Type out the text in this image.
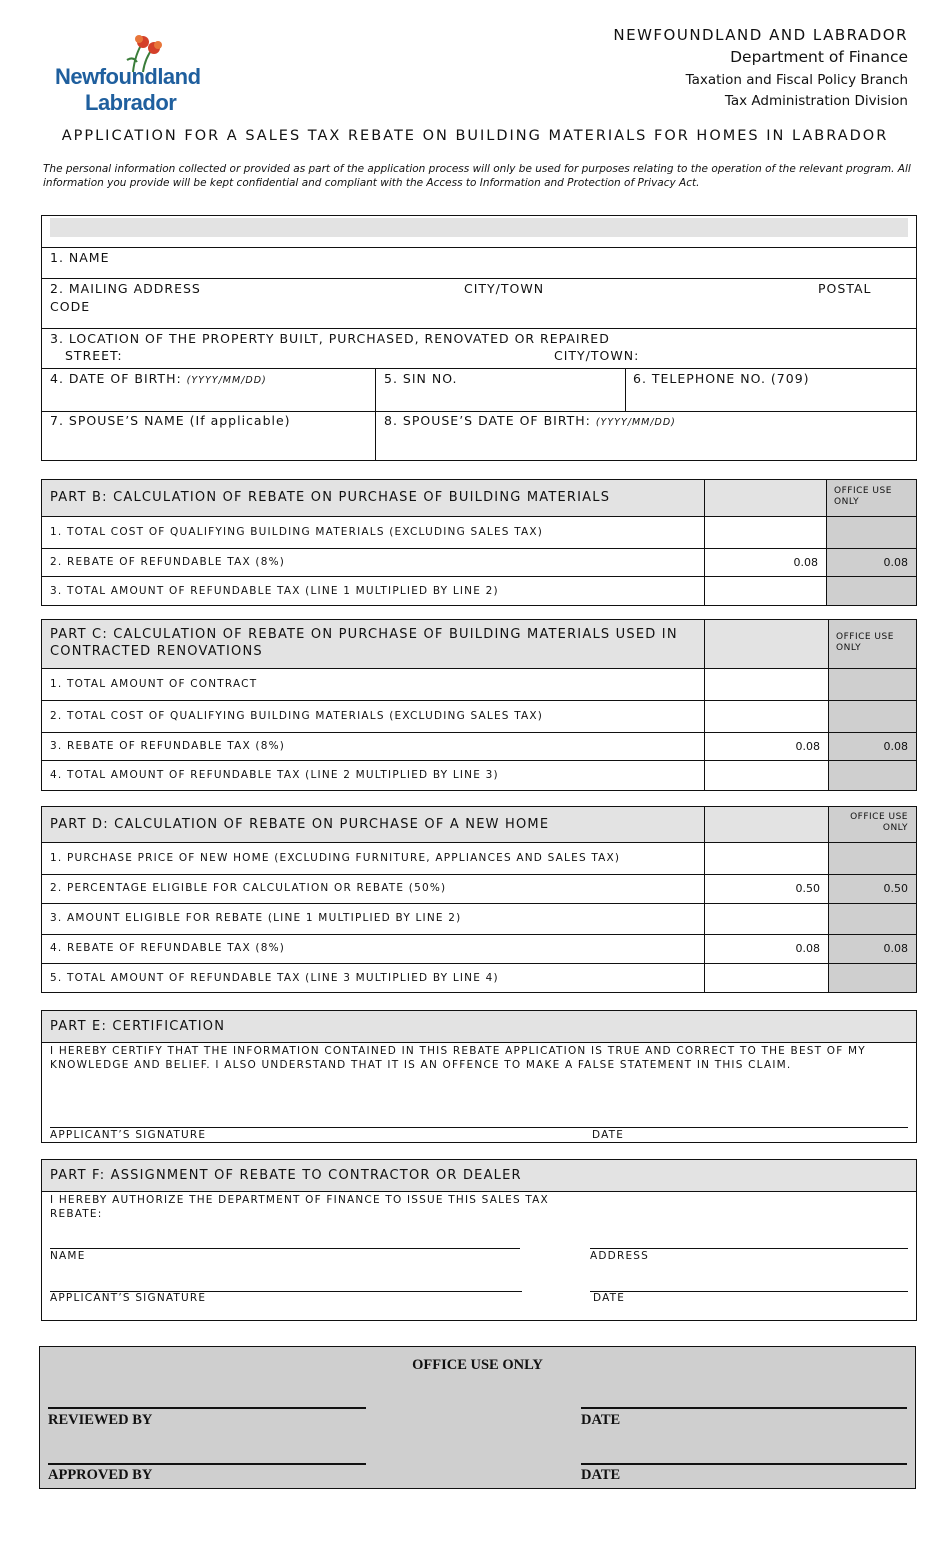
Newfoundland
Labrador
NEWFOUNDLAND AND LABRADOR
Department of Finance
Taxation and Fiscal Policy Branch
Tax Administration Division
APPLICATION FOR A SALES TAX REBATE ON BUILDING MATERIALS FOR HOMES IN LABRADOR
The personal information collected or provided as part of the application process will only be used for purposes relating to the operation of the relevant program. All information you provide will be kept confidential and compliant with the Access to Information and Protection of Privacy Act.
1. NAME
2. MAILING ADDRESS	CITY/TOWN	POSTAL
CODE
3. LOCATION OF THE PROPERTY BUILT, PURCHASED, RENOVATED OR REPAIRED
STREET:	CITY/TOWN:
4. DATE OF BIRTH: (YYYY/MM/DD)	5. SIN NO.	6. TELEPHONE NO. (709)
7. SPOUSE’S NAME (If applicable)	8. SPOUSE’S DATE OF BIRTH: (YYYY/MM/DD)
PART B: CALCULATION OF REBATE ON PURCHASE OF BUILDING MATERIALS	OFFICE USE
ONLY
1. TOTAL COST OF QUALIFYING BUILDING MATERIALS (EXCLUDING SALES TAX)
2. REBATE OF REFUNDABLE TAX (8%)	0.08	0.08
3. TOTAL AMOUNT OF REFUNDABLE TAX (LINE 1 MULTIPLIED BY LINE 2)
PART C: CALCULATION OF REBATE ON PURCHASE OF BUILDING MATERIALS USED IN
CONTRACTED RENOVATIONS
OFFICE USE
ONLY
1. TOTAL AMOUNT OF CONTRACT
2. TOTAL COST OF QUALIFYING BUILDING MATERIALS (EXCLUDING SALES TAX)
3. REBATE OF REFUNDABLE TAX (8%)	0.08	0.08
4. TOTAL AMOUNT OF REFUNDABLE TAX (LINE 2 MULTIPLIED BY LINE 3)
PART D: CALCULATION OF REBATE ON PURCHASE OF A NEW HOME	OFFICE USE
ONLY
1. PURCHASE PRICE OF NEW HOME (EXCLUDING FURNITURE, APPLIANCES AND SALES TAX)
2. PERCENTAGE ELIGIBLE FOR CALCULATION OR REBATE (50%)	0.50	0.50
3. AMOUNT ELIGIBLE FOR REBATE (LINE 1 MULTIPLIED BY LINE 2)
4. REBATE OF REFUNDABLE TAX (8%)	0.08	0.08
5. TOTAL AMOUNT OF REFUNDABLE TAX (LINE 3 MULTIPLIED BY LINE 4)
PART E: CERTIFICATION
I HEREBY CERTIFY THAT THE INFORMATION CONTAINED IN THIS REBATE APPLICATION IS TRUE AND CORRECT TO THE BEST OF MY
KNOWLEDGE AND BELIEF. I ALSO UNDERSTAND THAT IT IS AN OFFENCE TO MAKE A FALSE STATEMENT IN THIS CLAIM.
APPLICANT’S SIGNATURE	DATE
PART F: ASSIGNMENT OF REBATE TO CONTRACTOR OR DEALER
I HEREBY AUTHORIZE THE DEPARTMENT OF FINANCE TO ISSUE THIS SALES TAX
REBATE:
NAME	ADDRESS
APPLICANT’S SIGNATURE	DATE
OFFICE USE ONLY
REVIEWED BY	DATE
APPROVED BY	DATE
